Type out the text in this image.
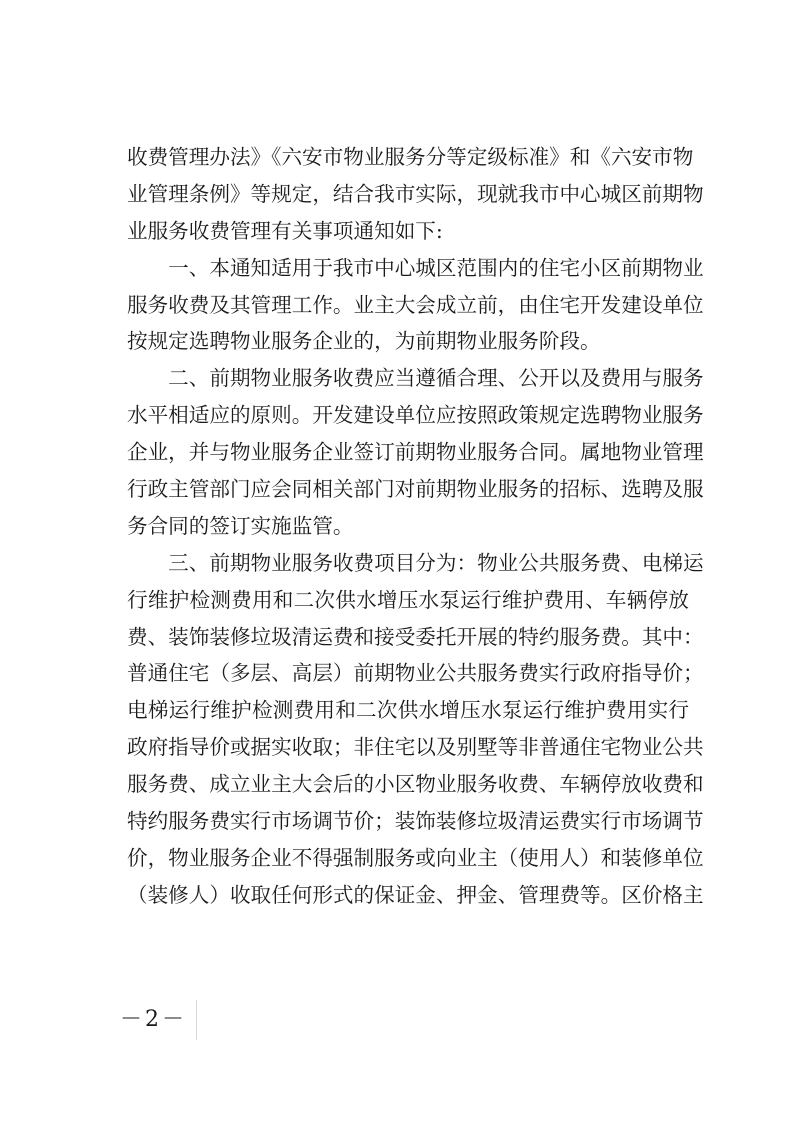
收费管理办法》《六安市物业服务分等定级标准》和《六安市物
业管理条例》等规定，结合我市实际，现就我市中心城区前期物
业服务收费管理有关事项通知如下:
　　一、本通知适用于我市中心城区范围内的住宅小区前期物业
服务收费及其管理工作。业主大会成立前，由住宅开发建设单位
按规定选聘物业服务企业的，为前期物业服务阶段。
　　二、前期物业服务收费应当遵循合理、公开以及费用与服务
水平相适应的原则。开发建设单位应按照政策规定选聘物业服务
企业，并与物业服务企业签订前期物业服务合同。属地物业管理
行政主管部门应会同相关部门对前期物业服务的招标、选聘及服
务合同的签订实施监管。
　　三、前期物业服务收费项目分为：物业公共服务费、电梯运
行维护检测费用和二次供水增压水泵运行维护费用、车辆停放
费、装饰装修垃圾清运费和接受委托开展的特约服务费。其中：
普通住宅（多层、高层）前期物业公共服务费实行政府指导价；
电梯运行维护检测费用和二次供水增压水泵运行维护费用实行
政府指导价或据实收取；非住宅以及别墅等非普通住宅物业公共
服务费、成立业主大会后的小区物业服务收费、车辆停放收费和
特约服务费实行市场调节价；装饰装修垃圾清运费实行市场调节
价，物业服务企业不得强制服务或向业主（使用人）和装修单位
（装修人）收取任何形式的保证金、押金、管理费等。区价格主
－2－
